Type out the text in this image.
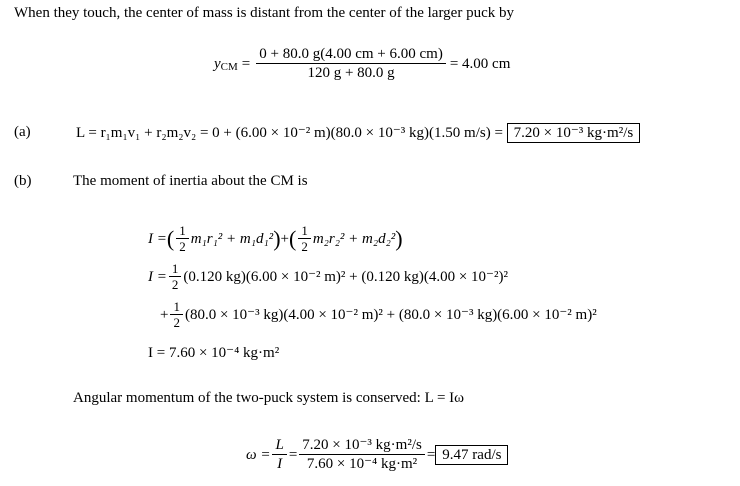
When they touch, the center of mass is distant from the center of the larger puck by
$y_{CM} = \frac{0 + 80.0 g(4.00 cm + 6.00 cm)}{120 g + 80.0 g} = 4.00$ cm
(a)	L = r₁m₁v₁ + r₂m₂v₂ = 0 + (6.00 × 10⁻² m)(80.0 × 10⁻³ kg)(1.50 m/s) = 7.20 × 10⁻³ kg·m²/s
(b)	The moment of inertia about the CM is
I = ( $\frac{1}{2} m_1r_1^2 + m_1d_1^2$ ) + ( $\frac{1}{2} m_2r_2^2 + m_2d_2^2$ )
$I = \frac{1}{2} (0.120$ kg)(6.00 × 10⁻² m)² + (0.120 kg)(4.00 × 10⁻²)²
+ $\frac{1}{2} (80.0 \times 10^{-3}$ kg)(4.00 × 10⁻² m)² + (80.0 × 10⁻³ kg)(6.00 × 10⁻² m)²
I = 7.60 × 10⁻⁴ kg·m²
Angular momentum of the two-puck system is conserved: L = Iω
$\omega = \frac{L}{I} = \frac{\text{7.20 × 10⁻³ kg·m²/s}}{\text{7.60 × 10⁻⁴ kg·m²}} = 9.47$ rad/s
